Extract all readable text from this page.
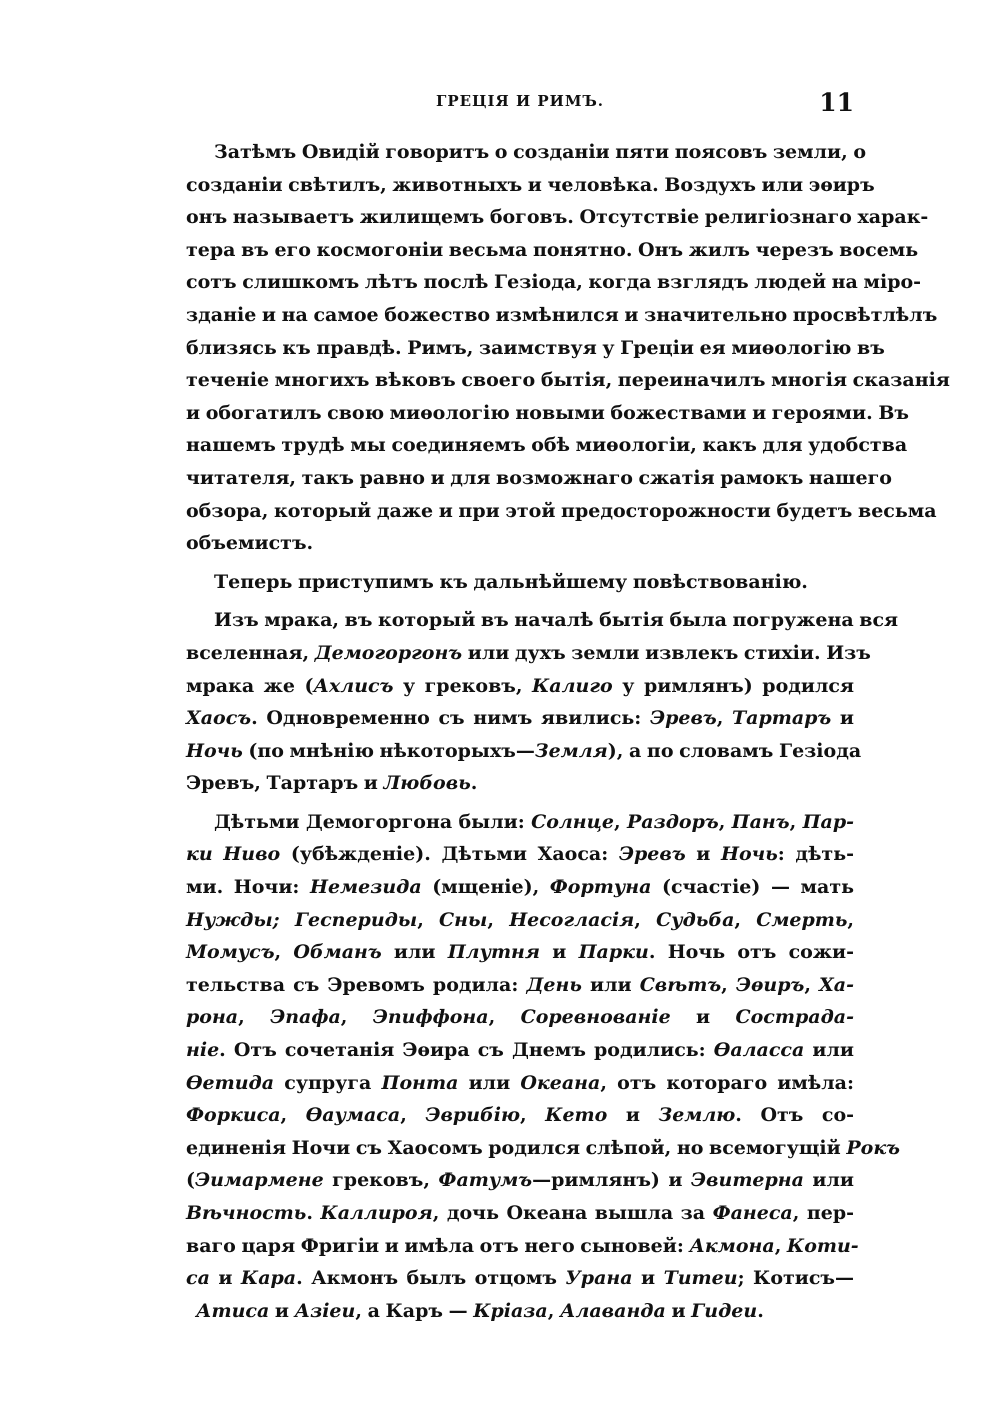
ГРЕЦІЯ И РИМЪ.	11
Затѣмъ Овидій говоритъ о созданіи пяти поясовъ земли, о
созданіи свѣтилъ, животныхъ и человѣка. Воздухъ или эѳиръ
онъ называетъ жилищемъ боговъ. Отсутствіе религіознаго харак-
тера въ его космогоніи весьма понятно. Онъ жилъ черезъ восемь
сотъ слишкомъ лѣтъ послѣ Гезіода, когда взглядъ людей на міро-
зданіе и на самое божество измѣнился и значительно просвѣтлѣлъ
близясь къ правдѣ. Римъ, заимствуя у Греціи ея миѳологію въ
теченіе многихъ вѣковъ своего бытія, переиначилъ многія сказанія
и обогатилъ свою миѳологію новыми божествами и героями. Въ
нашемъ трудѣ мы соединяемъ обѣ миѳологіи, какъ для удобства
читателя, такъ равно и для возможнаго сжатія рамокъ нашего
обзора, который даже и при этой предосторожности будетъ весьма
объемистъ.
Теперь приступимъ къ дальнѣйшему повѣствованію.
Изъ мрака, въ который въ началѣ бытія была погружена вся
вселенная, Демогоргонъ или духъ земли извлекъ стихіи. Изъ
мрака же (Ахлисъ у грековъ, Калиго у римлянъ) родился
Хаосъ. Одновременно съ нимъ явились: Эревъ, Тартаръ и
Ночь (по мнѣнію нѣкоторыхъ—Земля), а по словамъ Гезіода
Эревъ, Тартаръ и Любовь.
Дѣтьми Демогоргона были: Солнце, Раздоръ, Панъ, Пар-
ки Ниво (убѣжденіе). Дѣтьми Хаоса: Эревъ и Ночь: дѣть-
ми. Ночи: Немезида (мщеніе), Фортуна (счастіе) — мать
Нужды; Геспериды, Сны, Несогласія, Судьба, Смерть,
Момусъ, Обманъ или Плутня и Парки. Ночь отъ сожи-
тельства съ Эревомъ родила: День или Свѣтъ, Эѳиръ, Ха-
рона, Эпафа, Эпиффона, Соревнованіе и Сострада-
ніе. Отъ сочетанія Эѳира съ Днемъ родились: Ѳаласса или
Ѳетида супруга Понта или Океана, отъ котораго имѣла:
Форкиса, Ѳаумаса, Эврибію, Кето и Землю. Отъ со-
единенія Ночи съ Хаосомъ родился слѣпой, но всемогущій Рокъ
(Эимармене грековъ, Фатумъ—римлянъ) и Эвитерна или
Вѣчность. Каллироя, дочь Океана вышла за Фанеса, пер-
ваго царя Фригіи и имѣла отъ него сыновей: Акмона, Коти-
са и Кара. Акмонъ былъ отцомъ Урана и Титеи; Котисъ—
Атиса и Азіеи, а Каръ — Кріаза, Алаванда и Гидеи.
